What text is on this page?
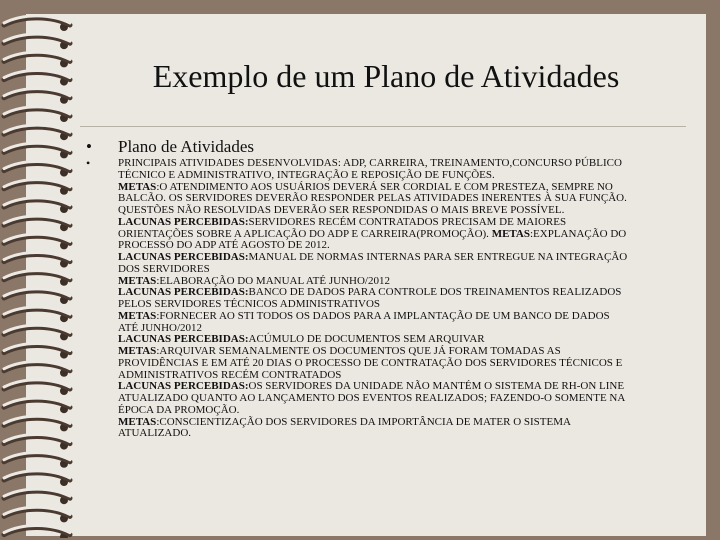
Exemplo de um Plano de Atividades
• Plano de Atividades
•	PRINCIPAIS ATIVIDADES DESENVOLVIDAS: ADP, CARREIRA, TREINAMENTO,CONCURSO PÚBLICO
TÉCNICO E ADMINISTRATIVO, INTEGRAÇÃO E REPOSIÇÃO DE FUNÇÕES.
METAS:O ATENDIMENTO AOS USUÁRIOS DEVERÁ SER CORDIAL E COM PRESTEZA, SEMPRE NO
BALCÃO. OS SERVIDORES DEVERÃO RESPONDER PELAS ATIVIDADES INERENTES À SUA FUNÇÃO.
QUESTÕES NÃO RESOLVIDAS DEVERÃO SER RESPONDIDAS O MAIS BREVE POSSÍVEL.
LACUNAS PERCEBIDAS:SERVIDORES RECÉM CONTRATADOS PRECISAM DE MAIORES
ORIENTAÇÕES SOBRE A APLICAÇÃO DO ADP E CARREIRA(PROMOÇÃO). METAS:EXPLANAÇÃO DO
PROCESSO DO ADP ATÉ AGOSTO DE 2012.
LACUNAS PERCEBIDAS:MANUAL DE NORMAS INTERNAS PARA SER ENTREGUE NA INTEGRAÇÃO
DOS SERVIDORES
METAS:ELABORAÇÃO DO MANUAL ATÉ JUNHO/2012
LACUNAS PERCEBIDAS:BANCO DE DADOS PARA CONTROLE DOS TREINAMENTOS REALIZADOS
PELOS SERVIDORES TÉCNICOS ADMINISTRATIVOS
METAS:FORNECER AO STI TODOS OS DADOS PARA A IMPLANTAÇÃO DE UM BANCO DE DADOS
ATÉ JUNHO/2012
LACUNAS PERCEBIDAS:ACÚMULO DE DOCUMENTOS SEM ARQUIVAR
METAS:ARQUIVAR SEMANALMENTE OS DOCUMENTOS QUE JÁ FORAM TOMADAS AS
PROVIDÊNCIAS E EM ATÉ 20 DIAS O PROCESSO DE CONTRATAÇÃO DOS SERVIDORES TÉCNICOS E
ADMINISTRATIVOS RECÉM CONTRATADOS
LACUNAS PERCEBIDAS:OS SERVIDORES DA UNIDADE NÃO MANTÉM O SISTEMA DE RH-ON LINE
ATUALIZADO QUANTO AO LANÇAMENTO DOS EVENTOS REALIZADOS; FAZENDO-O SOMENTE NA
ÉPOCA DA PROMOÇÃO.
METAS:CONSCIENTIZAÇÃO DOS SERVIDORES DA IMPORTÂNCIA DE MATER O SISTEMA
ATUALIZADO.
